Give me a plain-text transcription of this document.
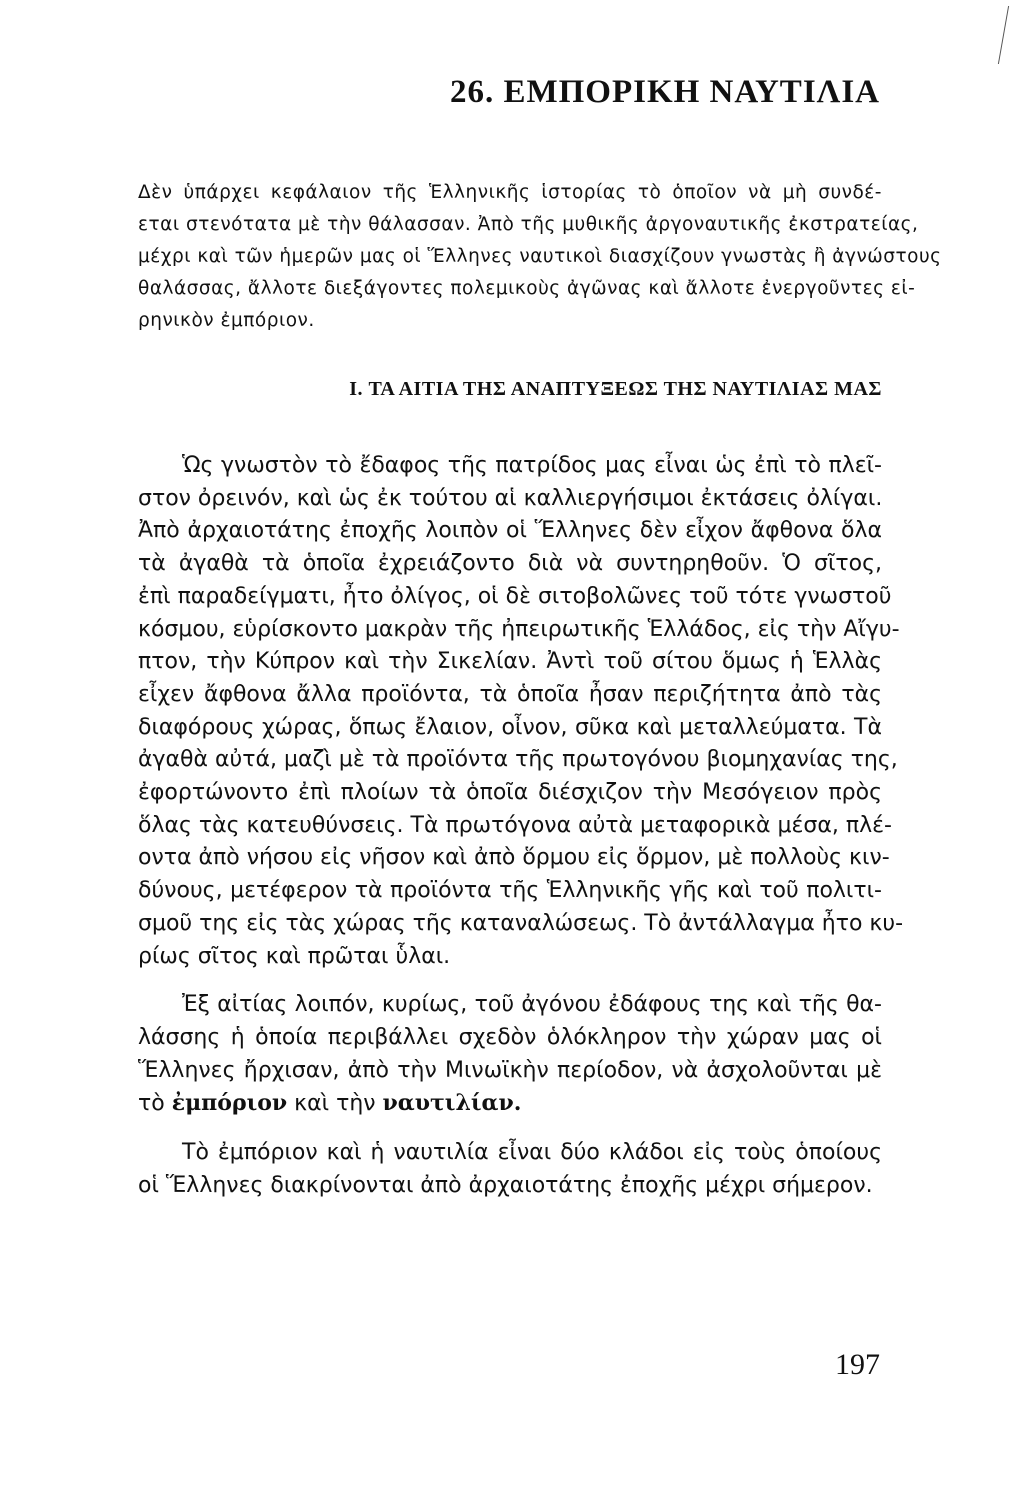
26. ΕΜΠΟΡΙΚΗ ΝΑΥΤΙΛΙΑ

Δὲν ὑπάρχει κεφάλαιον τῆς Ἑλληνικῆς ἱστορίας τὸ ὁποῖον νὰ μὴ συνδέ-
εται στενότατα μὲ τὴν θάλασσαν. Ἀπὸ τῆς μυθικῆς ἀργοναυτικῆς ἐκστρατείας,
μέχρι καὶ τῶν ἡμερῶν μας οἱ Ἕλληνες ναυτικοὶ διασχίζουν γνωστὰς ἢ ἀγνώστους
θαλάσσας, ἄλλοτε διεξάγοντες πολεμικοὺς ἀγῶνας καὶ ἄλλοτε ἐνεργοῦντες εἰ-
ρηνικὸν ἐμπόριον.

I. ΤΑ ΑΙΤΙΑ ΤΗΣ ΑΝΑΠΤΥΞΕΩΣ ΤΗΣ ΝΑΥΤΙΛΙΑΣ ΜΑΣ

Ὡς γνωστὸν τὸ ἔδαφος τῆς πατρίδος μας εἶναι ὡς ἐπὶ τὸ πλεῖ-
στον ὀρεινόν, καὶ ὡς ἐκ τούτου αἱ καλλιεργήσιμοι ἐκτάσεις ὀλίγαι.
Ἀπὸ ἀρχαιοτάτης ἐποχῆς λοιπὸν οἱ Ἕλληνες δὲν εἶχον ἄφθονα ὅλα
τὰ ἀγαθὰ τὰ ὁποῖα ἐχρειάζοντο διὰ νὰ συντηρηθοῦν. Ὁ σῖτος,
ἐπὶ παραδείγματι, ἦτο ὀλίγος, οἱ δὲ σιτοβολῶνες τοῦ τότε γνωστοῦ
κόσμου, εὑρίσκοντο μακρὰν τῆς ἠπειρωτικῆς Ἑλλάδος, εἰς τὴν Αἴγυ-
πτον, τὴν Κύπρον καὶ τὴν Σικελίαν. Ἀντὶ τοῦ σίτου ὅμως ἡ Ἑλλὰς
εἶχεν ἄφθονα ἄλλα προϊόντα, τὰ ὁποῖα ἦσαν περιζήτητα ἀπὸ τὰς
διαφόρους χώρας, ὅπως ἔλαιον, οἶνον, σῦκα καὶ μεταλλεύματα. Τὰ
ἀγαθὰ αὐτά, μαζὶ μὲ τὰ προϊόντα τῆς πρωτογόνου βιομηχανίας της,
ἐφορτώνοντο ἐπὶ πλοίων τὰ ὁποῖα διέσχιζον τὴν Μεσόγειον πρὸς
ὅλας τὰς κατευθύνσεις. Τὰ πρωτόγονα αὐτὰ μεταφορικὰ μέσα, πλέ-
οντα ἀπὸ νήσου εἰς νῆσον καὶ ἀπὸ ὅρμου εἰς ὅρμον, μὲ πολλοὺς κιν-
δύνους, μετέφερον τὰ προϊόντα τῆς Ἑλληνικῆς γῆς καὶ τοῦ πολιτι-
σμοῦ της εἰς τὰς χώρας τῆς καταναλώσεως. Τὸ ἀντάλλαγμα ἦτο κυ-
ρίως σῖτος καὶ πρῶται ὗλαι.

Ἐξ αἰτίας λοιπόν, κυρίως, τοῦ ἀγόνου ἐδάφους της καὶ τῆς θα-
λάσσης ἡ ὁποία περιβάλλει σχεδὸν ὁλόκληρον τὴν χώραν μας οἱ
Ἕλληνες ἤρχισαν, ἀπὸ τὴν Μινωϊκὴν περίοδον, νὰ ἀσχολοῦνται μὲ
τὸ ἐμπόριον καὶ τὴν ναυτιλίαν.

Τὸ ἐμπόριον καὶ ἡ ναυτιλία εἶναι δύο κλάδοι εἰς τοὺς ὁποίους
οἱ Ἕλληνες διακρίνονται ἀπὸ ἀρχαιοτάτης ἐποχῆς μέχρι σήμερον.

197
